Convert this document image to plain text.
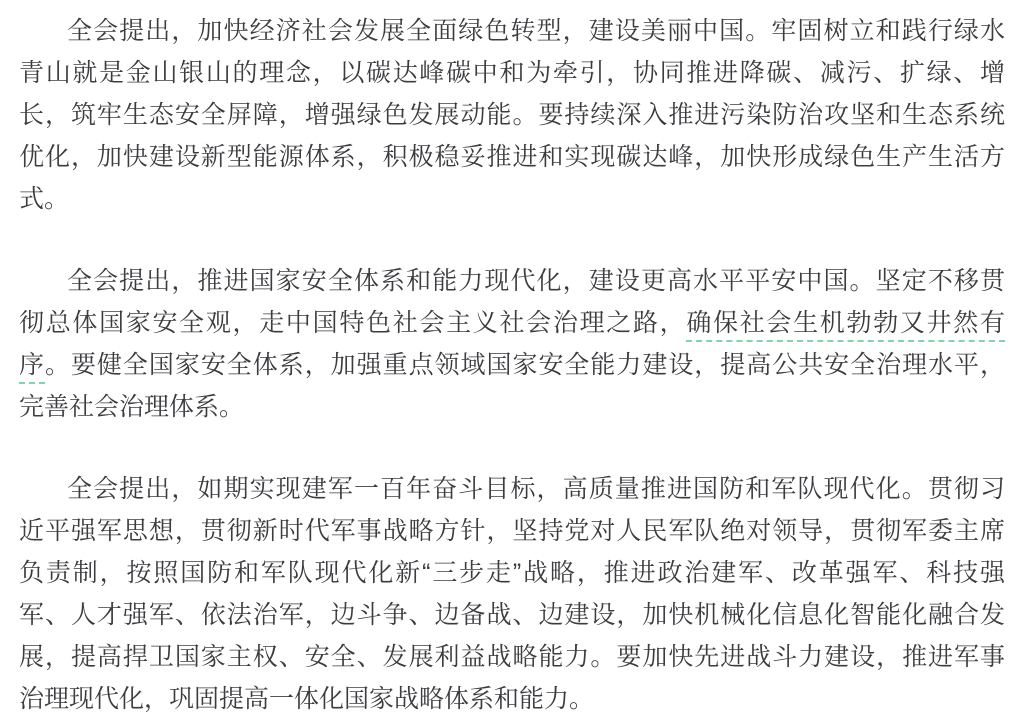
全会提出，加快经济社会发展全面绿色转型，建设美丽中国。牢固树立和践行绿水
青山就是金山银山的理念，以碳达峰碳中和为牵引，协同推进降碳、减污、扩绿、增
长，筑牢生态安全屏障，增强绿色发展动能。要持续深入推进污染防治攻坚和生态系统
优化，加快建设新型能源体系，积极稳妥推进和实现碳达峰，加快形成绿色生产生活方
式。
全会提出，推进国家安全体系和能力现代化，建设更高水平平安中国。坚定不移贯
彻总体国家安全观，走中国特色社会主义社会治理之路，确保社会生机勃勃又井然有
序。要健全国家安全体系，加强重点领域国家安全能力建设，提高公共安全治理水平，
完善社会治理体系。
全会提出，如期实现建军一百年奋斗目标，高质量推进国防和军队现代化。贯彻习
近平强军思想，贯彻新时代军事战略方针，坚持党对人民军队绝对领导，贯彻军委主席
负责制，按照国防和军队现代化新“三步走”战略，推进政治建军、改革强军、科技强
军、人才强军、依法治军，边斗争、边备战、边建设，加快机械化信息化智能化融合发
展，提高捍卫国家主权、安全、发展利益战略能力。要加快先进战斗力建设，推进军事
治理现代化，巩固提高一体化国家战略体系和能力。
